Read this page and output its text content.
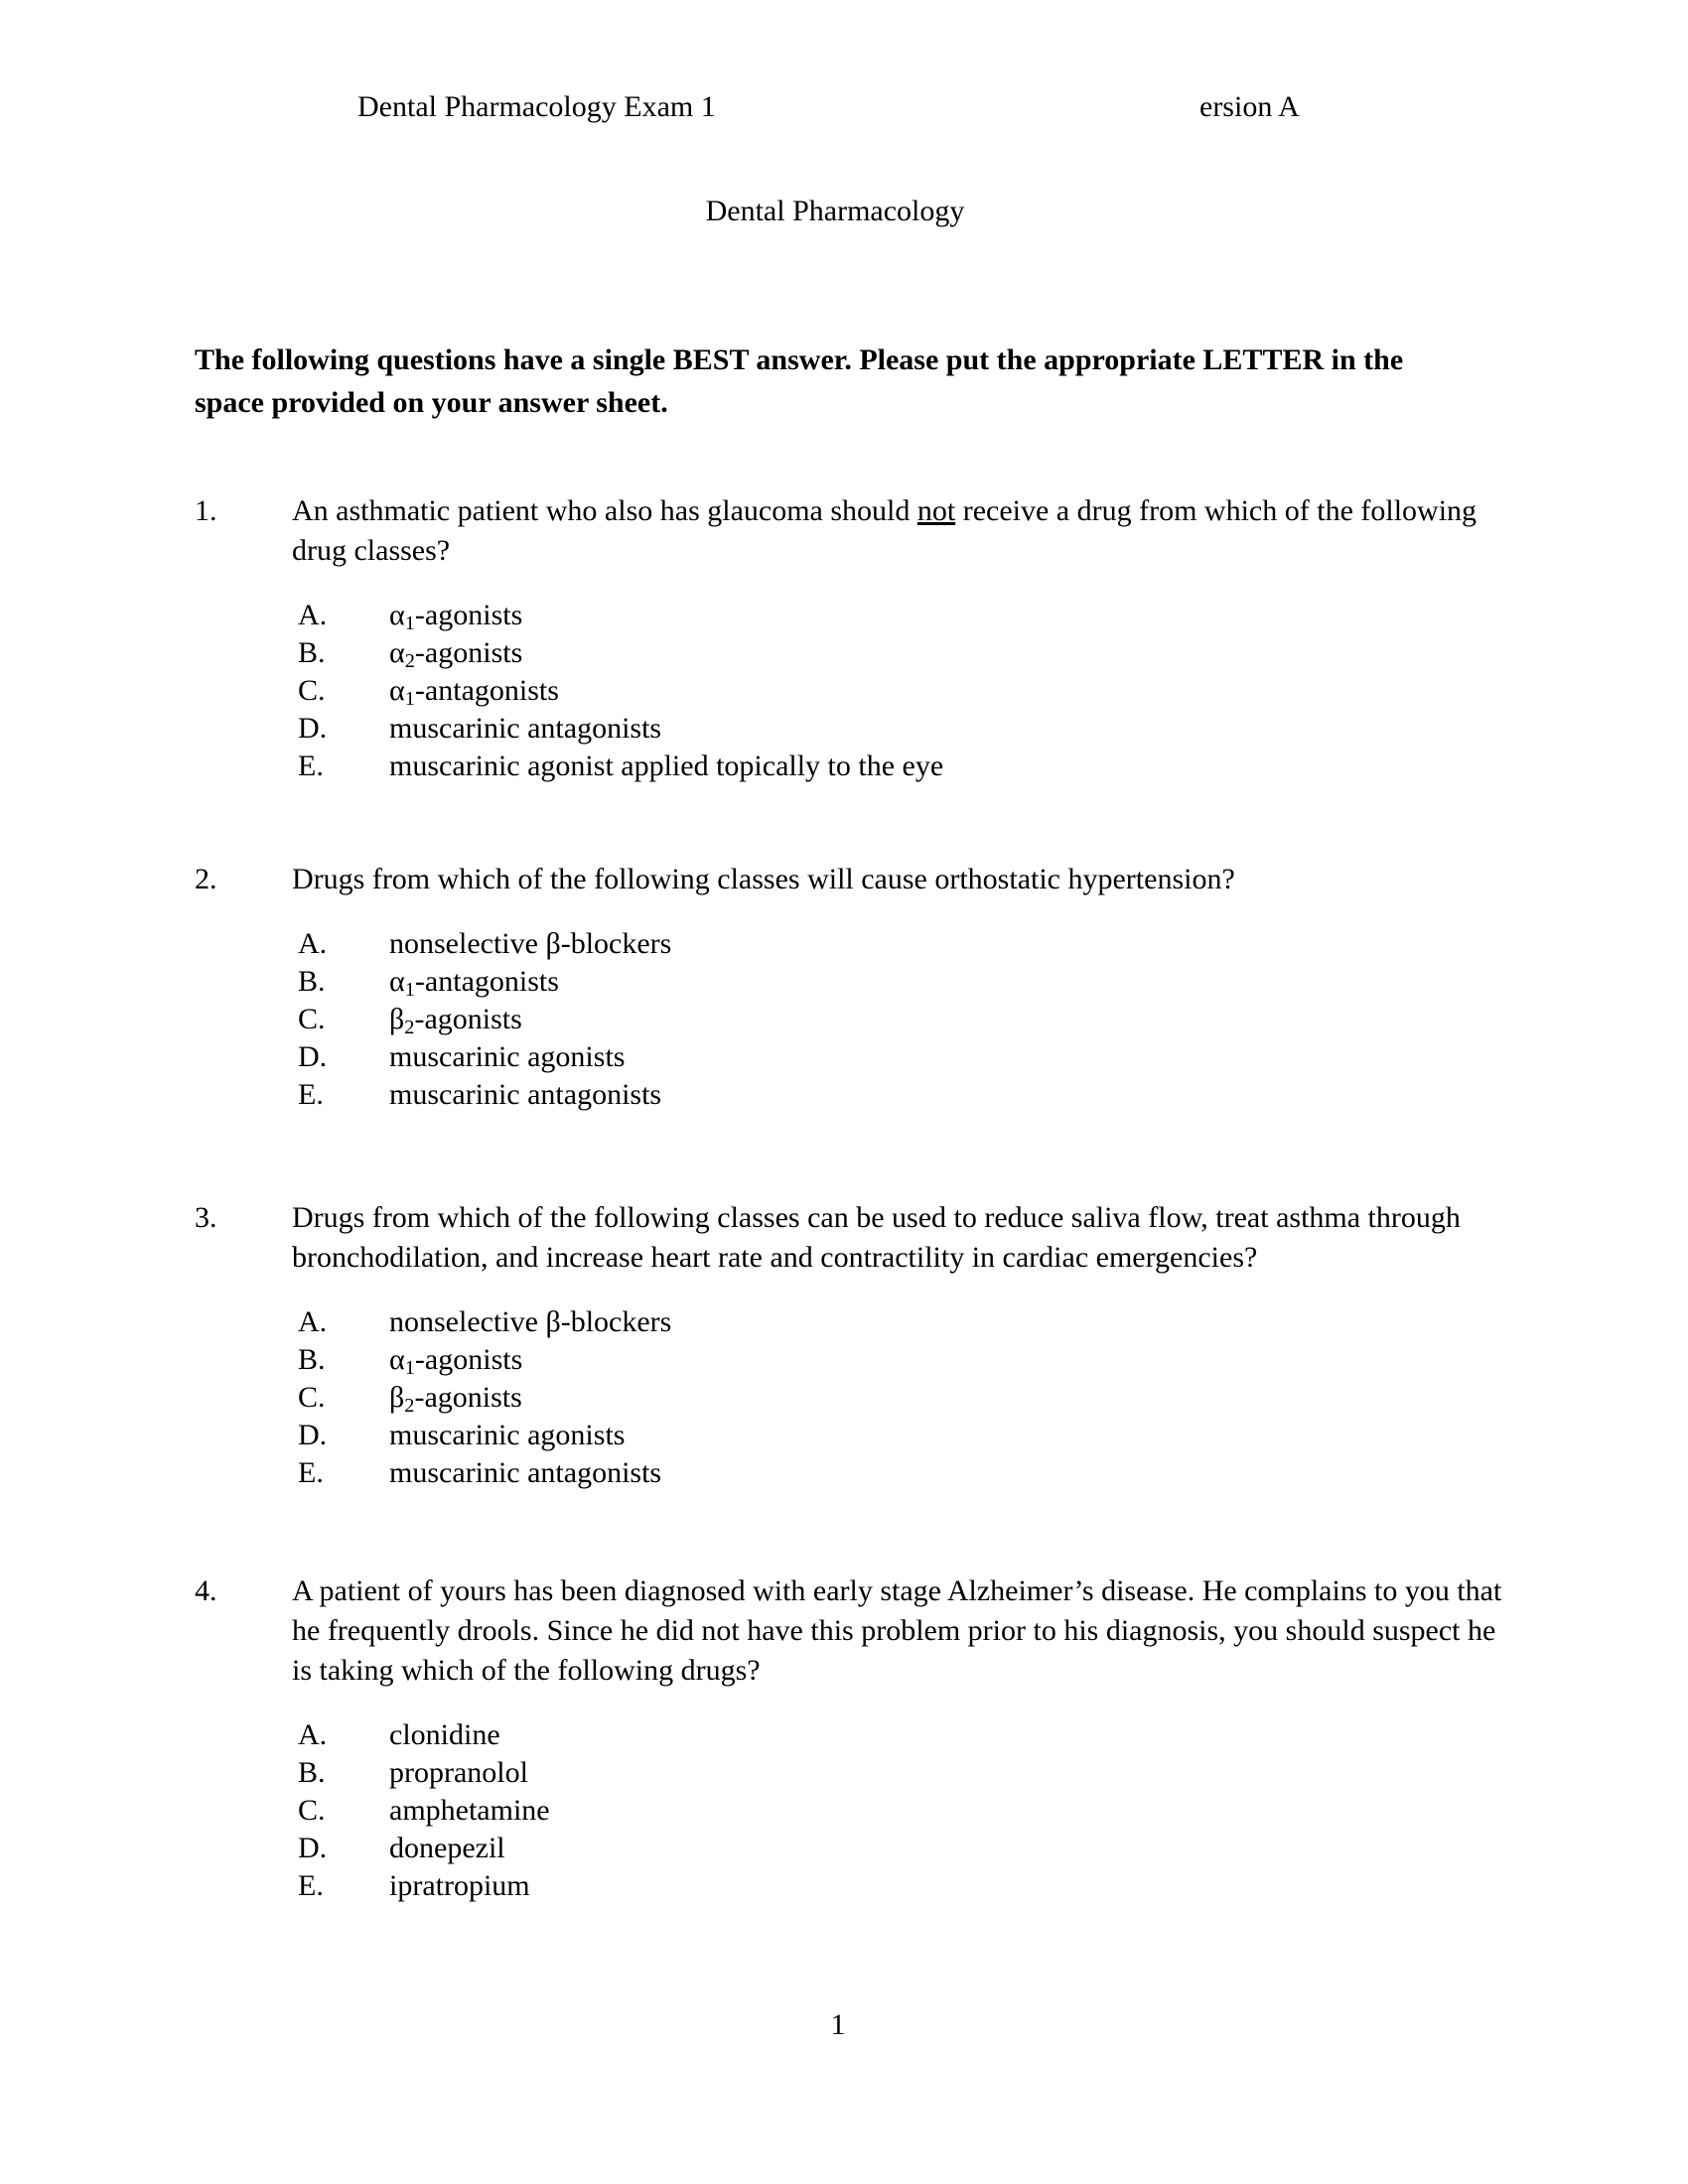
Dental Pharmacology Exam 1	ersion A
Dental Pharmacology
The following questions have a single BEST answer. Please put the appropriate LETTER in the space provided on your answer sheet.
1.	An asthmatic patient who also has glaucoma should not receive a drug from which of the following drug classes?
A.	$\alpha_1$-agonists
B.	$\alpha_2$-agonists
C.	$\alpha_1$-antagonists
D.	muscarinic antagonists
E.	muscarinic agonist applied topically to the eye
2.	Drugs from which of the following classes will cause orthostatic hypertension?
A.	nonselective β-blockers
B.	$\alpha_1$-antagonists
C.	$\beta_2$-agonists
D.	muscarinic agonists
E.	muscarinic antagonists
3.	Drugs from which of the following classes can be used to reduce saliva flow, treat asthma through bronchodilation, and increase heart rate and contractility in cardiac emergencies?
A.	nonselective β-blockers
B.	$\alpha_1$-agonists
C.	$\beta_2$-agonists
D.	muscarinic agonists
E.	muscarinic antagonists
4.	A patient of yours has been diagnosed with early stage Alzheimer’s disease. He complains to you that he frequently drools. Since he did not have this problem prior to his diagnosis, you should suspect he is taking which of the following drugs?
A.	clonidine
B.	propranolol
C.	amphetamine
D.	donepezil
E.	ipratropium
1
